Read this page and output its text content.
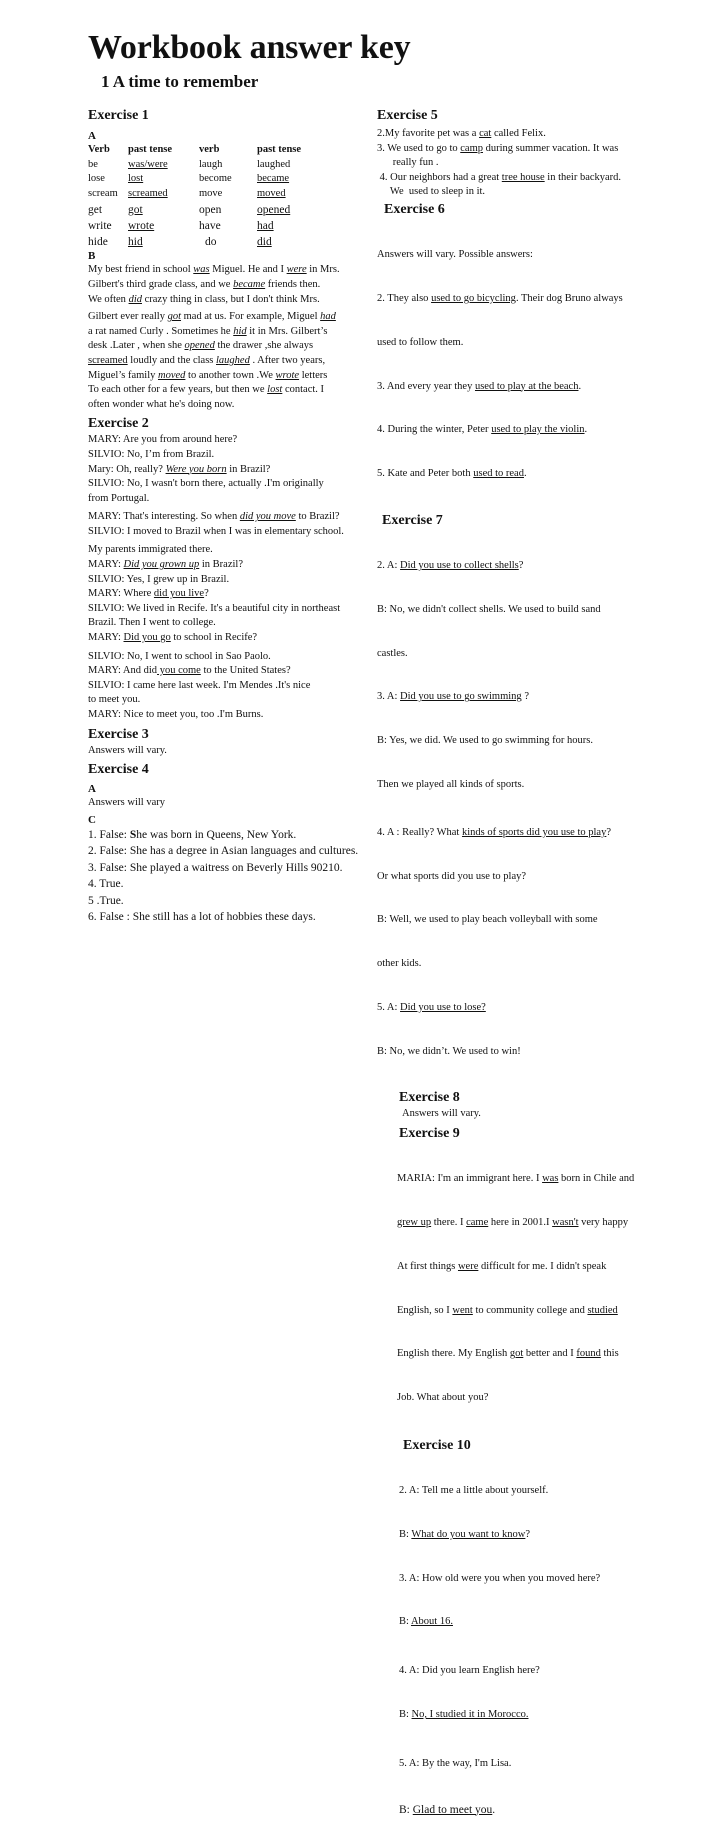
Workbook answer key
1 A time to remember
Exercise 1
A
Verb	past tense	verb	past tense
be	was/were	laugh	laughed
lose	lost	become	became
scream	screamed	move	moved
get	got	open	opened
write	wrote	have	had
hide	hid	do	did
B
My best friend in school was Miguel. He and I were in Mrs.
Gilbert's third grade class, and we became friends then.
We often did crazy thing in class, but I don't think Mrs.
Gilbert ever really got mad at us. For example, Miguel had
a rat named Curly . Sometimes he hid it in Mrs. Gilbert’s
desk .Later , when she opened the drawer ,she always
screamed loudly and the class laughed . After two years,
Miguel’s family moved to another town .We wrote letters
To each other for a few years, but then we lost contact. I
often wonder what he's doing now.
Exercise 2
MARY: Are you from around here?
SILVIO: No, I’m from Brazil.
Mary: Oh, really? Were you born in Brazil?
SILVIO: No, I wasn't born there, actually .I'm originally
from Portugal.
MARY: That's interesting. So when did you move to Brazil?
SILVIO: I moved to Brazil when I was in elementary school.
My parents immigrated there.
MARY: Did you grown up in Brazil?
SILVIO: Yes, I grew up in Brazil.
MARY: Where did you live?
SILVIO: We lived in Recife. It's a beautiful city in northeast
Brazil. Then I went to college.
MARY: Did you go to school in Recife?
SILVIO: No, I went to school in Sao Paolo.
MARY: And did you come to the United States?
SILVIO: I came here last week. I'm Mendes .It's nice
to meet you.
MARY: Nice to meet you, too .I'm Burns.
Exercise 3
Answers will vary.
Exercise 4
A
Answers will vary
C
1. False: She was born in Queens, New York.
2. False: She has a degree in Asian languages and cultures.
3. False: She played a waitress on Beverly Hills 90210.
4. True.
5 .True.
6. False : She still has a lot of hobbies these days.
Exercise 5
2.My favorite pet was a cat called Felix.
3. We used to go to camp during summer vacation. It was
really fun .
4. Our neighbors had a great tree house in their backyard.
We  used to sleep in it.
Exercise 6

Answers will vary. Possible answers:

2. They also used to go bicycling. Their dog Bruno always

used to follow them.

3. And every year they used to play at the beach.

4. During the winter, Peter used to play the violin.

5. Kate and Peter both used to read.

Exercise 7

2. A: Did you use to collect shells?

B: No, we didn't collect shells. We used to build sand

castles.

3. A: Did you use to go swimming ?

B: Yes, we did. We used to go swimming for hours.

Then we played all kinds of sports.

4. A : Really? What kinds of sports did you use to play?

Or what sports did you use to play?

B: Well, we used to play beach volleyball with some

other kids.

5. A: Did you use to lose?

B: No, we didn’t. We used to win!

Exercise 8
Answers will vary.
Exercise 9

MARIA: I'm an immigrant here. I was born in Chile and

grew up there. I came here in 2001.I wasn't very happy

At first things were difficult for me. I didn't speak

English, so I went to community college and studied

English there. My English got better and I found this

Job. What about you?

Exercise 10

2. A: Tell me a little about yourself.

B: What do you want to know?

3. A: How old were you when you moved here?

B: About 16.

4. A: Did you learn English here?

B: No, I studied it in Morocco.

5. A: By the way, I'm Lisa.

B: Glad to meet you.
